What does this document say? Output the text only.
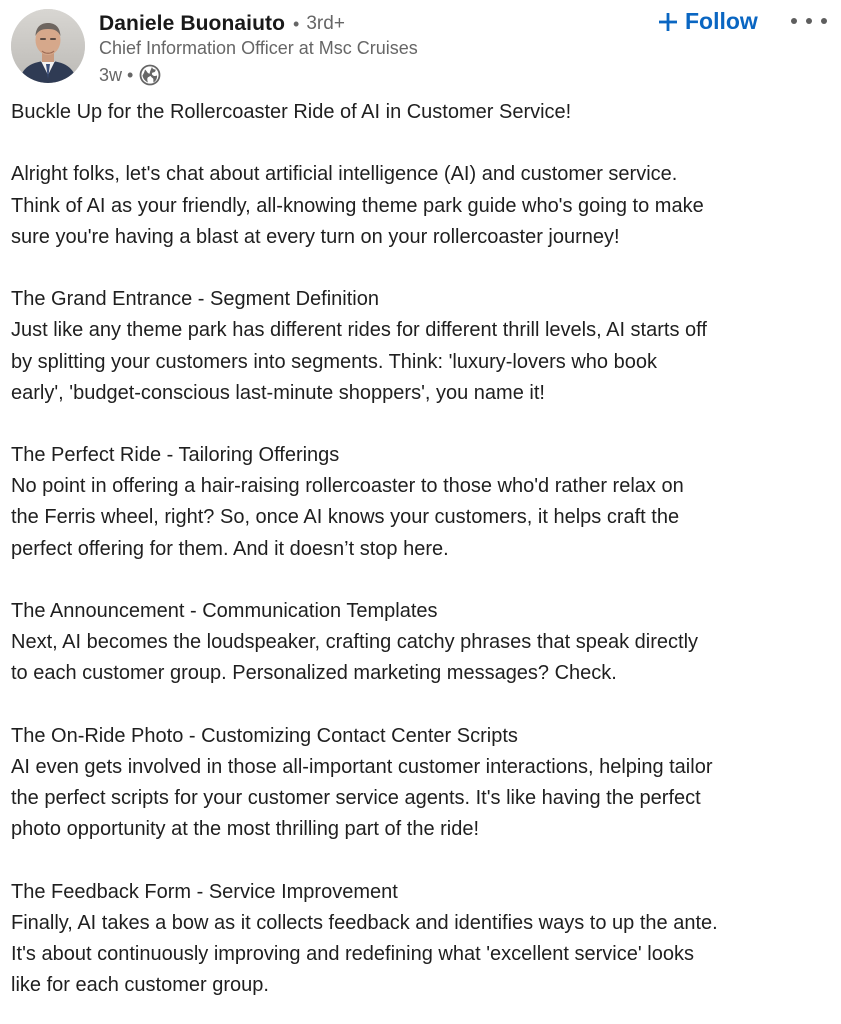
Daniele Buonaiuto • 3rd+
Chief Information Officer at Msc Cruises
3w •
Follow
Buckle Up for the Rollercoaster Ride of AI in Customer Service!
Alright folks, let's chat about artificial intelligence (AI) and customer service.
Think of AI as your friendly, all-knowing theme park guide who's going to make
sure you're having a blast at every turn on your rollercoaster journey!
The Grand Entrance - Segment Definition
Just like any theme park has different rides for different thrill levels, AI starts off
by splitting your customers into segments. Think: 'luxury-lovers who book
early', 'budget-conscious last-minute shoppers', you name it!
The Perfect Ride - Tailoring Offerings
No point in offering a hair-raising rollercoaster to those who'd rather relax on
the Ferris wheel, right? So, once AI knows your customers, it helps craft the
perfect offering for them. And it doesn’t stop here.
The Announcement - Communication Templates
Next, AI becomes the loudspeaker, crafting catchy phrases that speak directly
to each customer group. Personalized marketing messages? Check.
The On-Ride Photo - Customizing Contact Center Scripts
AI even gets involved in those all-important customer interactions, helping tailor
the perfect scripts for your customer service agents. It's like having the perfect
photo opportunity at the most thrilling part of the ride!
The Feedback Form - Service Improvement
Finally, AI takes a bow as it collects feedback and identifies ways to up the ante.
It's about continuously improving and redefining what 'excellent service' looks
like for each customer group.
